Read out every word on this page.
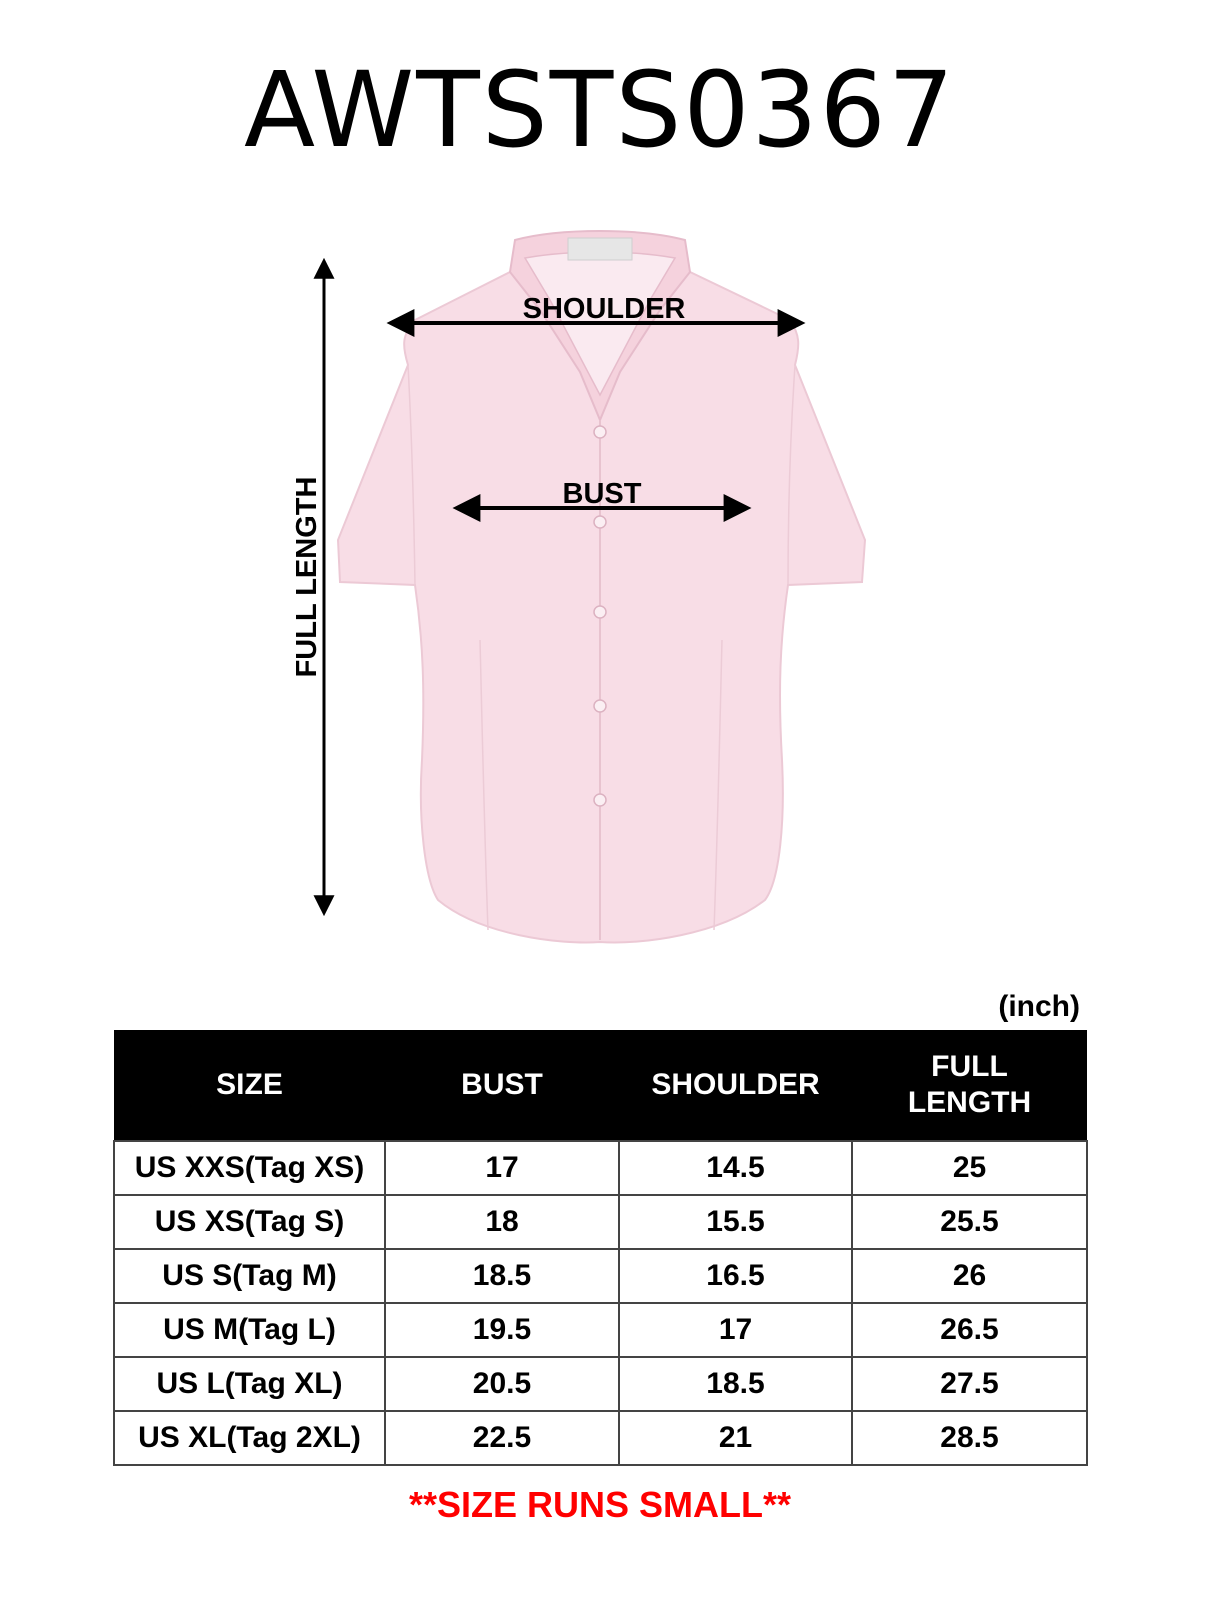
AWTSTS0367
SHOULDER
BUST
FULL LENGTH
(inch)
SIZE	BUST	SHOULDER	FULL LENGTH

US XXS(Tag XS)	17	14.5	25
US XS(Tag S)	18	15.5	25.5
US S(Tag M)	18.5	16.5	26
US M(Tag L)	19.5	17	26.5
US L(Tag XL)	20.5	18.5	27.5
US XL(Tag 2XL)	22.5	21	28.5
**SIZE RUNS SMALL**
